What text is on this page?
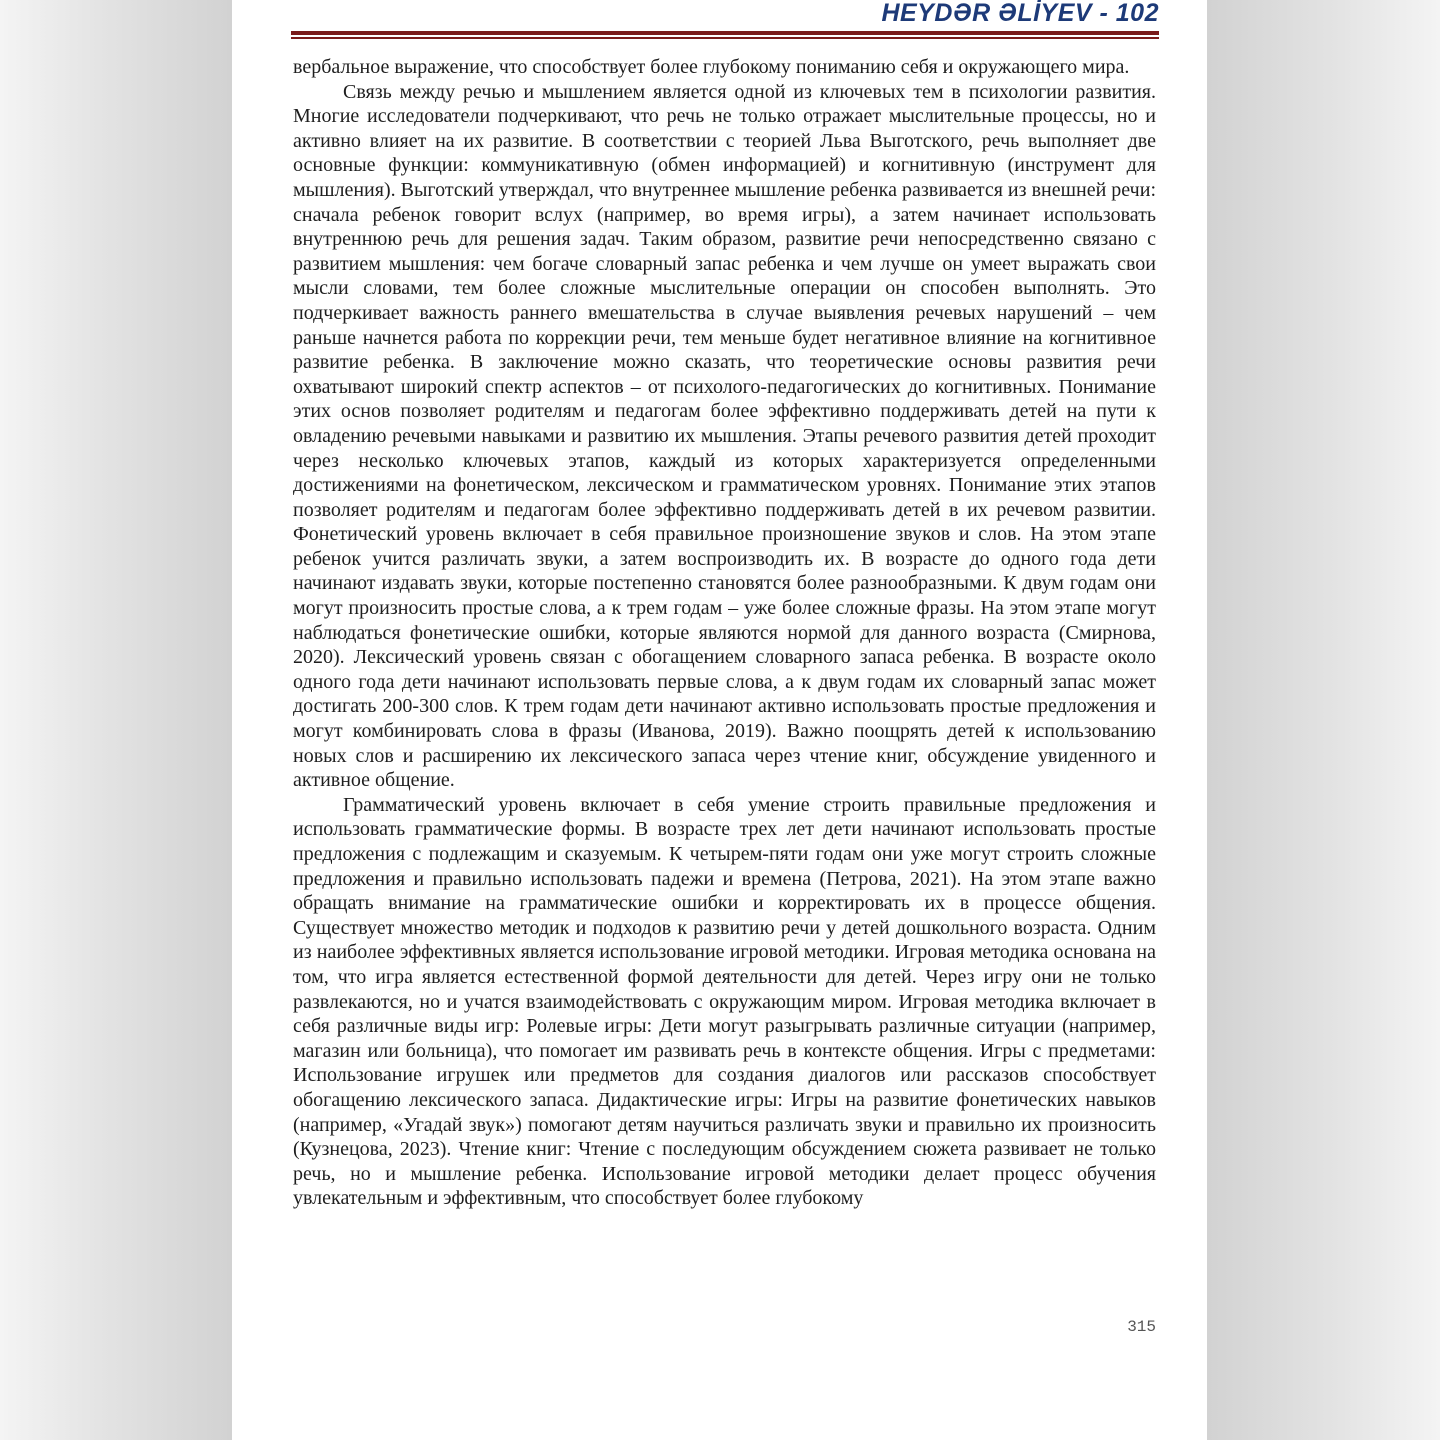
HEYDƏR ƏLİYEV - 102

вербальное выражение, что способствует более глубокому пониманию себя и окружающего мира.

Связь между речью и мышлением является одной из ключевых тем в психологии развития. Многие исследователи подчеркивают, что речь не только отражает мыслительные процессы, но и активно влияет на их развитие. В соответствии с теорией Льва Выготского, речь выполняет две основные функции: коммуникативную (обмен информацией) и когнитивную (инструмент для мышления). Выготский утверждал, что внутреннее мышление ребенка развивается из внешней речи: сначала ребенок говорит вслух (например, во время игры), а затем начинает использовать внутреннюю речь для решения задач. Таким образом, развитие речи непосредственно связано с развитием мышления: чем богаче словарный запас ребенка и чем лучше он умеет выражать свои мысли словами, тем более сложные мыслительные операции он способен выполнять. Это подчеркивает важность раннего вмешательства в случае выявления речевых нарушений – чем раньше начнется работа по коррекции речи, тем меньше будет негативное влияние на когнитивное развитие ребенка. В заключение можно сказать, что теоретические основы развития речи охватывают широкий спектр аспектов – от психолого-педагогических до когнитивных. Понимание этих основ позволяет родителям и педагогам более эффективно поддерживать детей на пути к овладению речевыми навыками и развитию их мышления. Этапы речевого развития детей проходит через несколько ключевых этапов, каждый из которых характеризуется определенными достижениями на фонетическом, лексическом и грамматическом уровнях. Понимание этих этапов позволяет родителям и педагогам более эффективно поддерживать детей в их речевом развитии. Фонетический уровень включает в себя правильное произношение звуков и слов. На этом этапе ребенок учится различать звуки, а затем воспроизводить их. В возрасте до одного года дети начинают издавать звуки, которые постепенно становятся более разнообразными. К двум годам они могут произносить простые слова, а к трем годам – уже более сложные фразы. На этом этапе могут наблюдаться фонетические ошибки, которые являются нормой для данного возраста (Смирнова, 2020). Лексический уровень связан с обогащением словарного запаса ребенка. В возрасте около одного года дети начинают использовать первые слова, а к двум годам их словарный запас может достигать 200-300 слов. К трем годам дети начинают активно использовать простые предложения и могут комбинировать слова в фразы (Иванова, 2019). Важно поощрять детей к использованию новых слов и расширению их лексического запаса через чтение книг, обсуждение увиденного и активное общение.

Грамматический уровень включает в себя умение строить правильные предложения и использовать грамматические формы. В возрасте трех лет дети начинают использовать простые предложения с подлежащим и сказуемым. К четырем-пяти годам они уже могут строить сложные предложения и правильно использовать падежи и времена (Петрова, 2021). На этом этапе важно обращать внимание на грамматические ошибки и корректировать их в процессе общения. Существует множество методик и подходов к развитию речи у детей дошкольного возраста. Одним из наиболее эффективных является использование игровой методики. Игровая методика основана на том, что игра является естественной формой деятельности для детей. Через игру они не только развлекаются, но и учатся взаимодействовать с окружающим миром. Игровая методика включает в себя различные виды игр: Ролевые игры: Дети могут разыгрывать различные ситуации (например, магазин или больница), что помогает им развивать речь в контексте общения. Игры с предметами: Использование игрушек или предметов для создания диалогов или рассказов способствует обогащению лексического запаса. Дидактические игры: Игры на развитие фонетических навыков (например, «Угадай звук») помогают детям научиться различать звуки и правильно их произносить (Кузнецова, 2023). Чтение книг: Чтение с последующим обсуждением сюжета развивает не только речь, но и мышление ребенка. Использование игровой методики делает процесс обучения увлекательным и эффективным, что способствует более глубокому

315
